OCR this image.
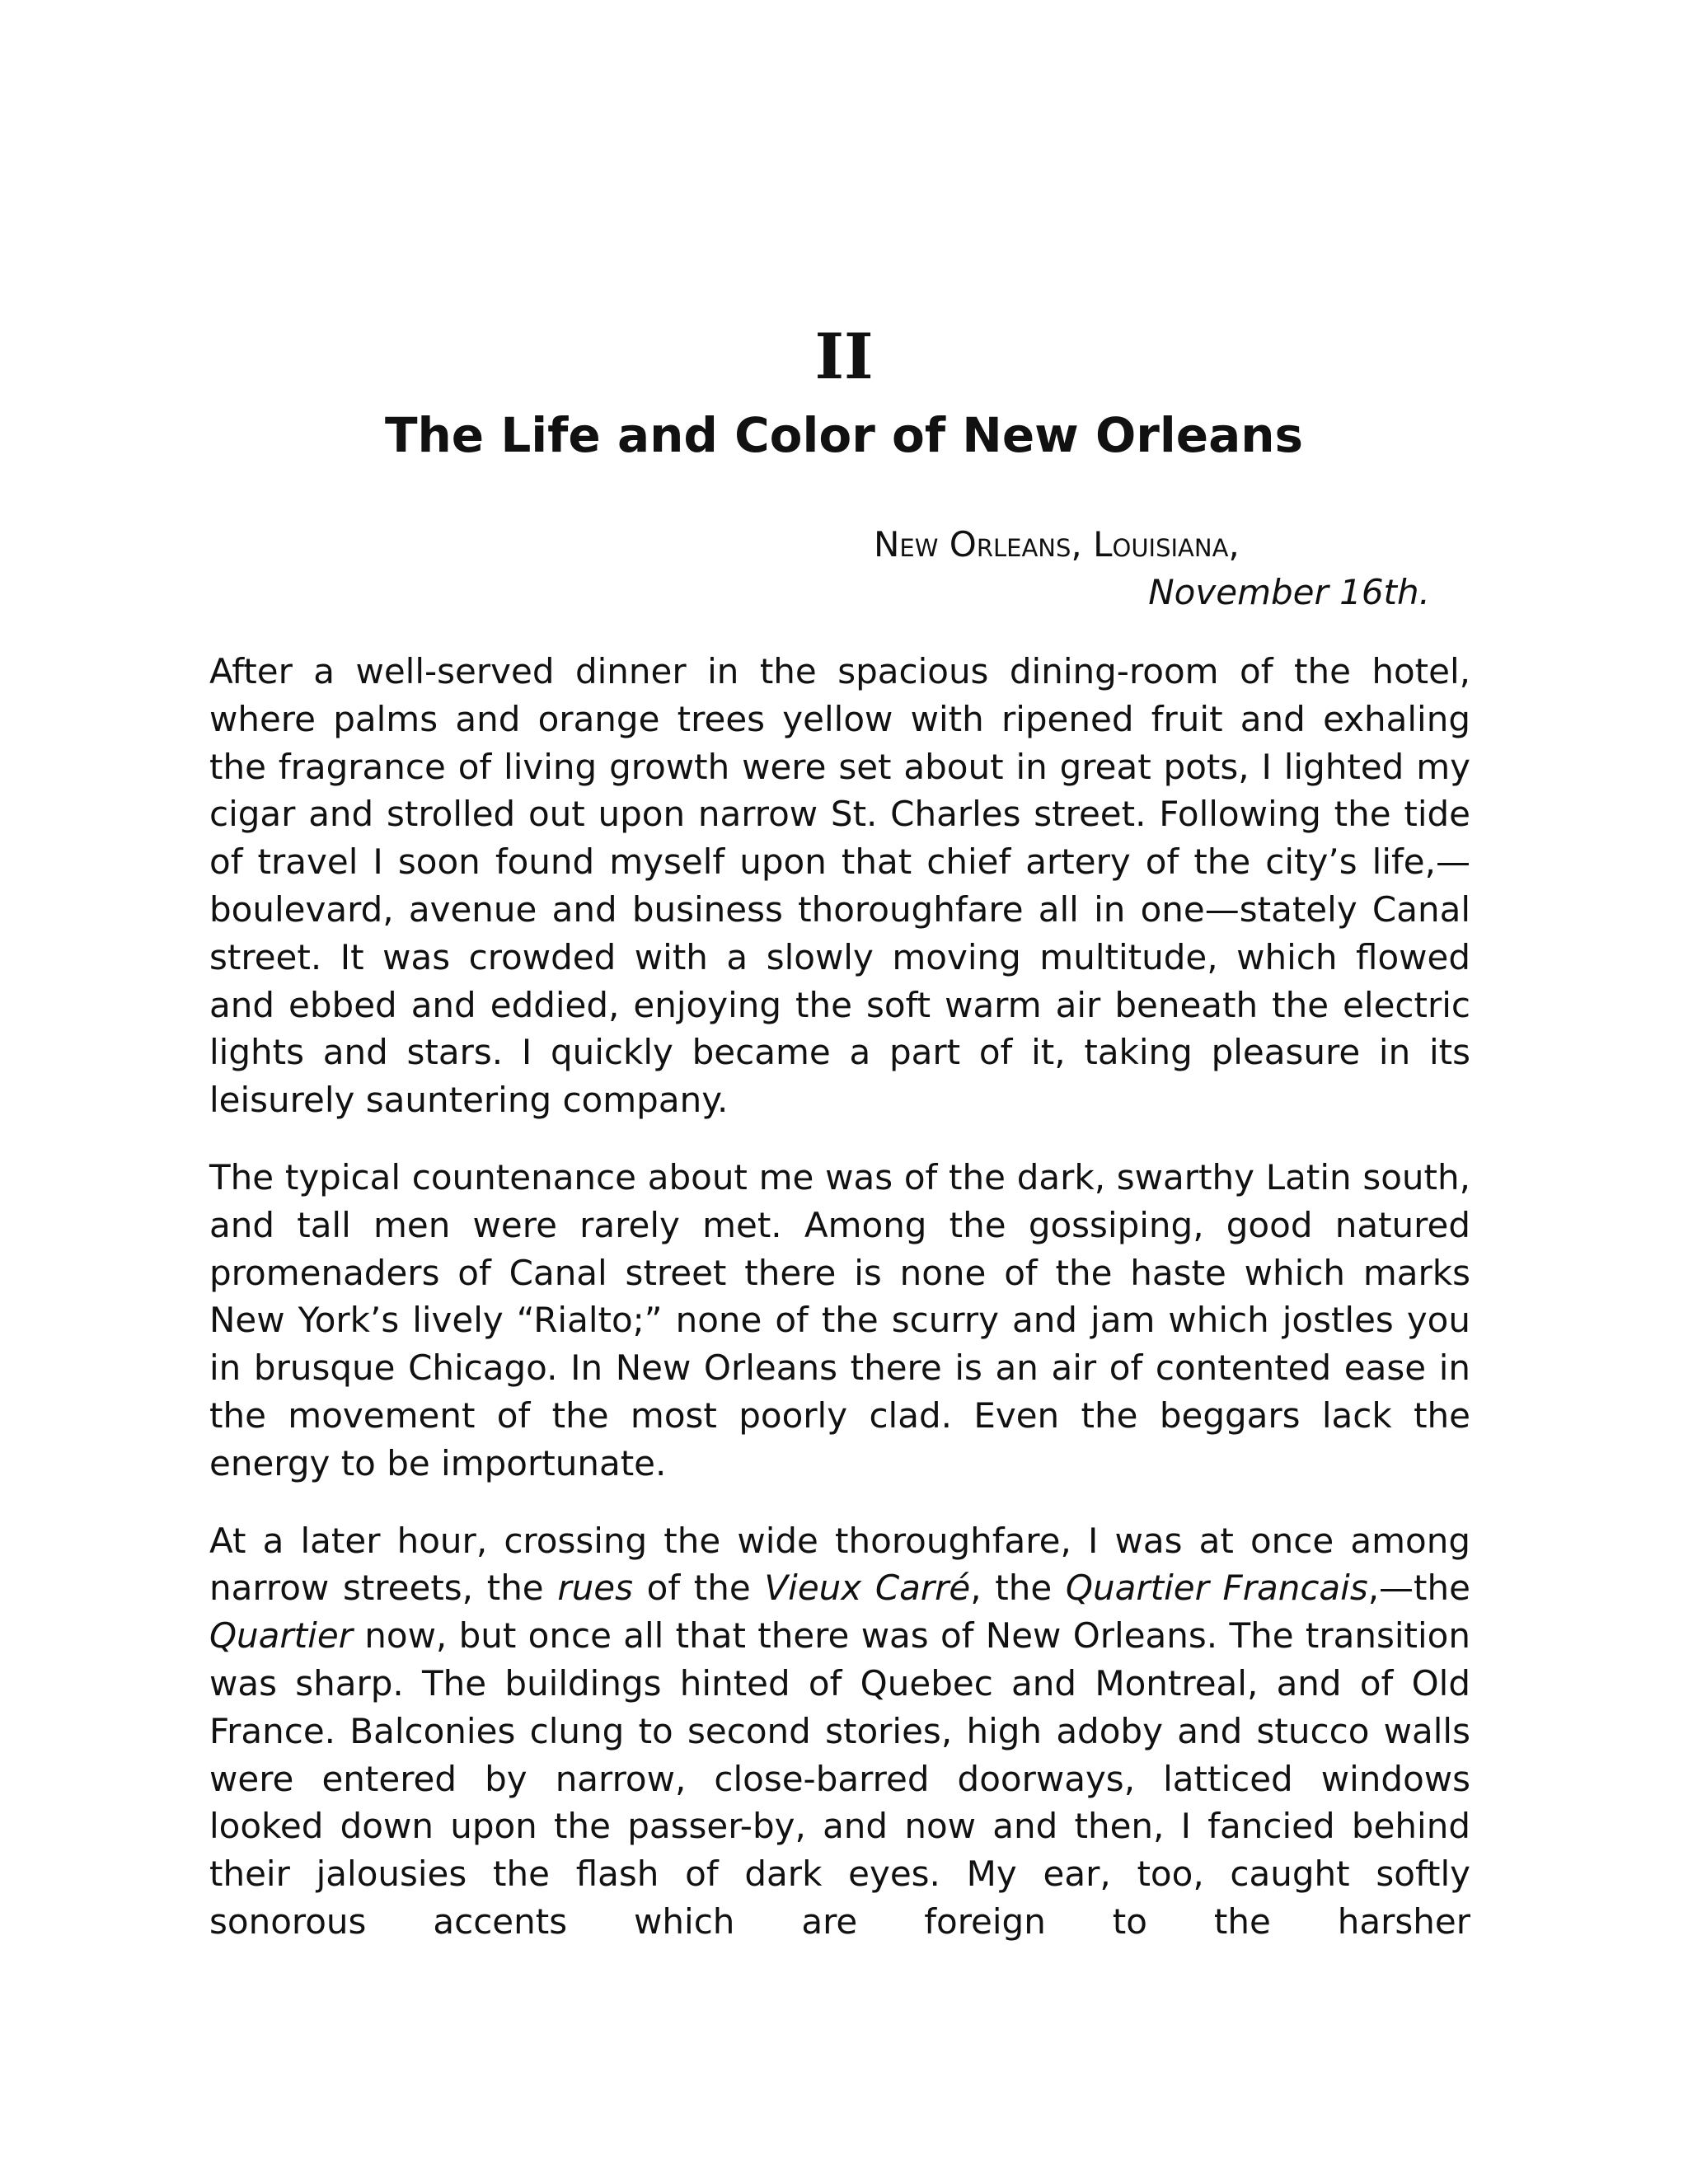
II
The Life and Color of New Orleans
New Orleans, Louisiana,
November 16th.

After a well-served dinner in the spacious dining-room of the hotel, where palms and orange trees yellow with ripened fruit and exhaling the fragrance of living growth were set about in great pots, I lighted my cigar and strolled out upon narrow St. Charles street. Following the tide of travel I soon found myself upon that chief artery of the city’s life,—boulevard, avenue and business thoroughfare all in one—stately Canal street. It was crowded with a slowly moving multitude, which flowed and ebbed and eddied, enjoying the soft warm air beneath the electric lights and stars. I quickly became a part of it, taking pleasure in its leisurely sauntering company.

The typical countenance about me was of the dark, swarthy Latin south, and tall men were rarely met. Among the gossiping, good natured promenaders of Canal street there is none of the haste which marks New York’s lively “Rialto;” none of the scurry and jam which jostles you in brusque Chicago. In New Orleans there is an air of contented ease in the movement of the most poorly clad. Even the beggars lack the energy to be importunate.

At a later hour, crossing the wide thoroughfare, I was at once among narrow streets, the rues of the Vieux Carré, the Quartier Francais,—the Quartier now, but once all that there was of New Orleans. The transition was sharp. The buildings hinted of Quebec and Montreal, and of Old France. Balconies clung to second stories, high adoby and stucco walls were entered by narrow, close-barred doorways, latticed windows looked down upon the passer-by, and now and then, I fancied behind their jalousies the flash of dark eyes. My ear, too, caught softly sonorous accents which are foreign to the harsher
